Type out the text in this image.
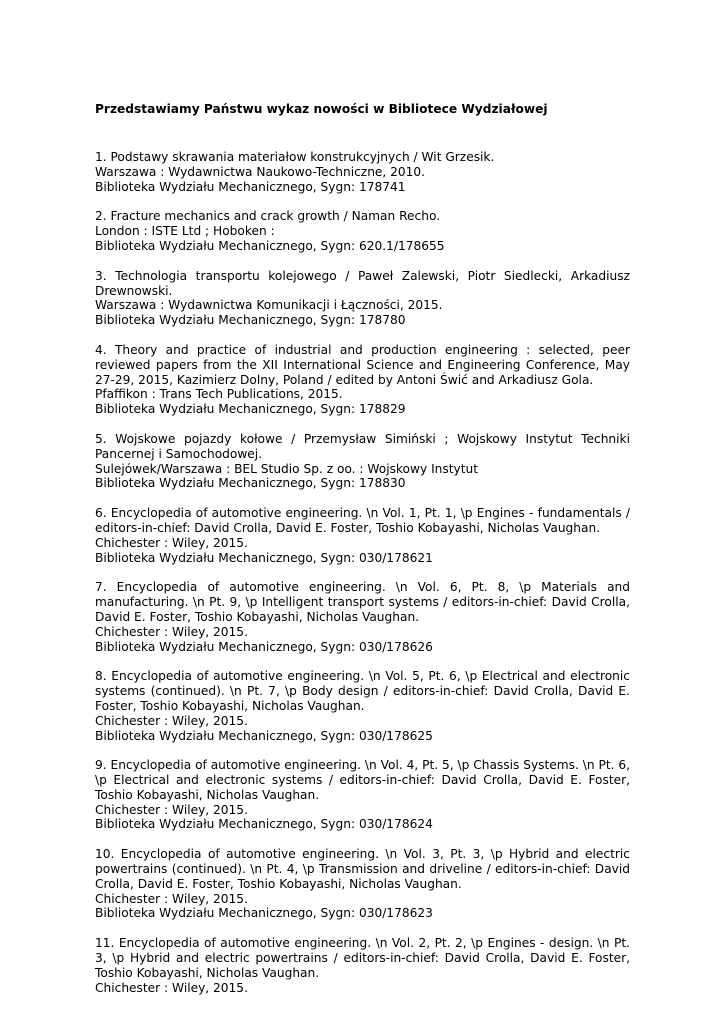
Przedstawiamy Państwu wykaz nowości w Bibliotece Wydziałowej

1. Podstawy skrawania materiałow konstrukcyjnych / Wit Grzesik.

Warszawa : Wydawnictwa Naukowo-Techniczne, 2010.

Biblioteka Wydziału Mechanicznego, Sygn: 178741

2. Fracture mechanics and crack growth / Naman Recho.

London : ISTE Ltd ; Hoboken :

Biblioteka Wydziału Mechanicznego, Sygn: 620.1/178655

3. Technologia transportu kolejowego / Paweł Zalewski, Piotr Siedlecki, Arkadiusz Drewnowski.

Warszawa : Wydawnictwa Komunikacji i Łączności, 2015.

Biblioteka Wydziału Mechanicznego, Sygn: 178780

4. Theory and practice of industrial and production engineering : selected, peer reviewed papers from the XII International Science and Engineering Conference, May 27-29, 2015, Kazimierz Dolny, Poland / edited by Antoni Świć and Arkadiusz Gola.

Pfaffikon : Trans Tech Publications, 2015.

Biblioteka Wydziału Mechanicznego, Sygn: 178829

5. Wojskowe pojazdy kołowe / Przemysław Simiński ; Wojskowy Instytut Techniki Pancernej i Samochodowej.

Sulejówek/Warszawa : BEL Studio Sp. z oo. : Wojskowy Instytut

Biblioteka Wydziału Mechanicznego, Sygn: 178830

6. Encyclopedia of automotive engineering. \n Vol. 1, Pt. 1, \p Engines - fundamentals / editors-in-chief: David Crolla, David E. Foster, Toshio Kobayashi, Nicholas Vaughan.

Chichester : Wiley, 2015.

Biblioteka Wydziału Mechanicznego, Sygn: 030/178621

7. Encyclopedia of automotive engineering. \n Vol. 6, Pt. 8, \p Materials and manufacturing. \n Pt. 9, \p Intelligent transport systems / editors-in-chief: David Crolla, David E. Foster, Toshio Kobayashi, Nicholas Vaughan.

Chichester : Wiley, 2015.

Biblioteka Wydziału Mechanicznego, Sygn: 030/178626

8. Encyclopedia of automotive engineering. \n Vol. 5, Pt. 6, \p Electrical and electronic systems (continued). \n Pt. 7, \p Body design / editors-in-chief: David Crolla, David E. Foster, Toshio Kobayashi, Nicholas Vaughan.

Chichester : Wiley, 2015.

Biblioteka Wydziału Mechanicznego, Sygn: 030/178625

9. Encyclopedia of automotive engineering. \n Vol. 4, Pt. 5, \p Chassis Systems. \n Pt. 6, \p Electrical and electronic systems / editors-in-chief: David Crolla, David E. Foster, Toshio Kobayashi, Nicholas Vaughan.

Chichester : Wiley, 2015.

Biblioteka Wydziału Mechanicznego, Sygn: 030/178624

10. Encyclopedia of automotive engineering. \n Vol. 3, Pt. 3, \p Hybrid and electric powertrains (continued). \n Pt. 4, \p Transmission and driveline / editors-in-chief: David Crolla, David E. Foster, Toshio Kobayashi, Nicholas Vaughan.

Chichester : Wiley, 2015.

Biblioteka Wydziału Mechanicznego, Sygn: 030/178623

11. Encyclopedia of automotive engineering. \n Vol. 2, Pt. 2, \p Engines - design. \n Pt. 3, \p Hybrid and electric powertrains / editors-in-chief: David Crolla, David E. Foster, Toshio Kobayashi, Nicholas Vaughan.

Chichester : Wiley, 2015.
